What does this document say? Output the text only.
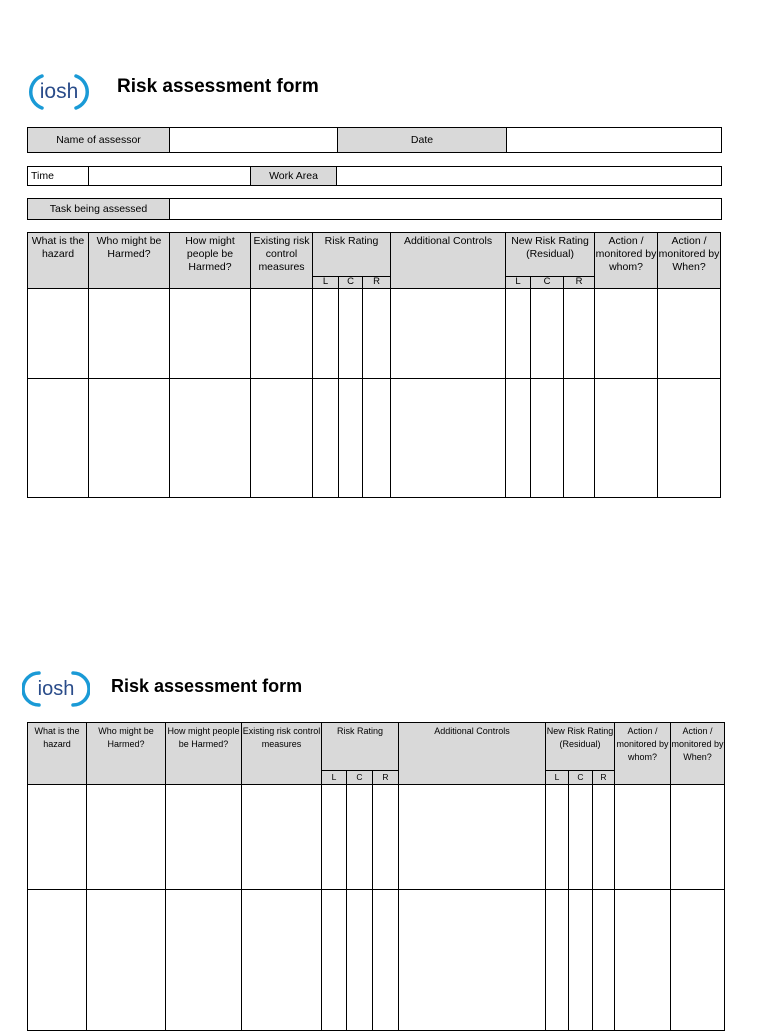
iosh	Risk assessment form
Name of assessor		Date	
Time		Work Area	
Task being assessed	
What is the hazard	Who might be Harmed?	How might people be Harmed?	Existing risk control measures	Risk Rating			Additional Controls	New Risk Rating (Residual)			Action / monitored by whom?	Action / monitored by When?
				L	C	R		L	C	R		

iosh	Risk assessment form
What is the hazard	Who might be Harmed?	How might people be Harmed?	Existing risk control measures	Risk Rating			Additional Controls	New Risk Rating (Residual)			Action / monitored by whom?	Action / monitored by When?
				L	C	R		L	C	R		
